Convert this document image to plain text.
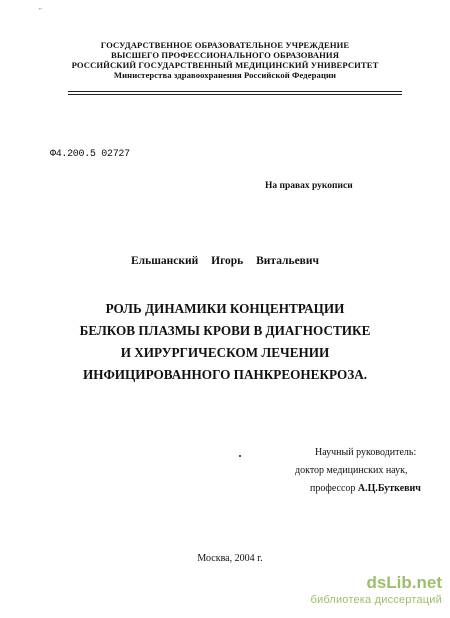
"
ГОСУДАРСТВЕННОЕ ОБРАЗОВАТЕЛЬНОЕ УЧРЕЖДЕНИЕ
ВЫСШЕГО ПРОФЕССИОНАЛЬНОГО ОБРАЗОВАНИЯ
РОССИЙСКИЙ ГОСУДАРСТВЕННЫЙ МЕДИЦИНСКИЙ УНИВЕРСИТЕТ
Министерства здравоохранения Российской Федерации
Ф4.200.5 02727
На правах рукописи
Ельшанский Игорь Витальевич
РОЛЬ ДИНАМИКИ КОНЦЕНТРАЦИИ
БЕЛКОВ ПЛАЗМЫ КРОВИ В ДИАГНОСТИКЕ
И ХИРУРГИЧЕСКОМ ЛЕЧЕНИИ
ИНФИЦИРОВАННОГО ПАНКРЕОНЕКРОЗА.
Научный руководитель:
доктор медицинских наук,
профессор А.Ц.Буткевич
Москва, 2004 г.
dsLib.net
библиотека диссертаций
